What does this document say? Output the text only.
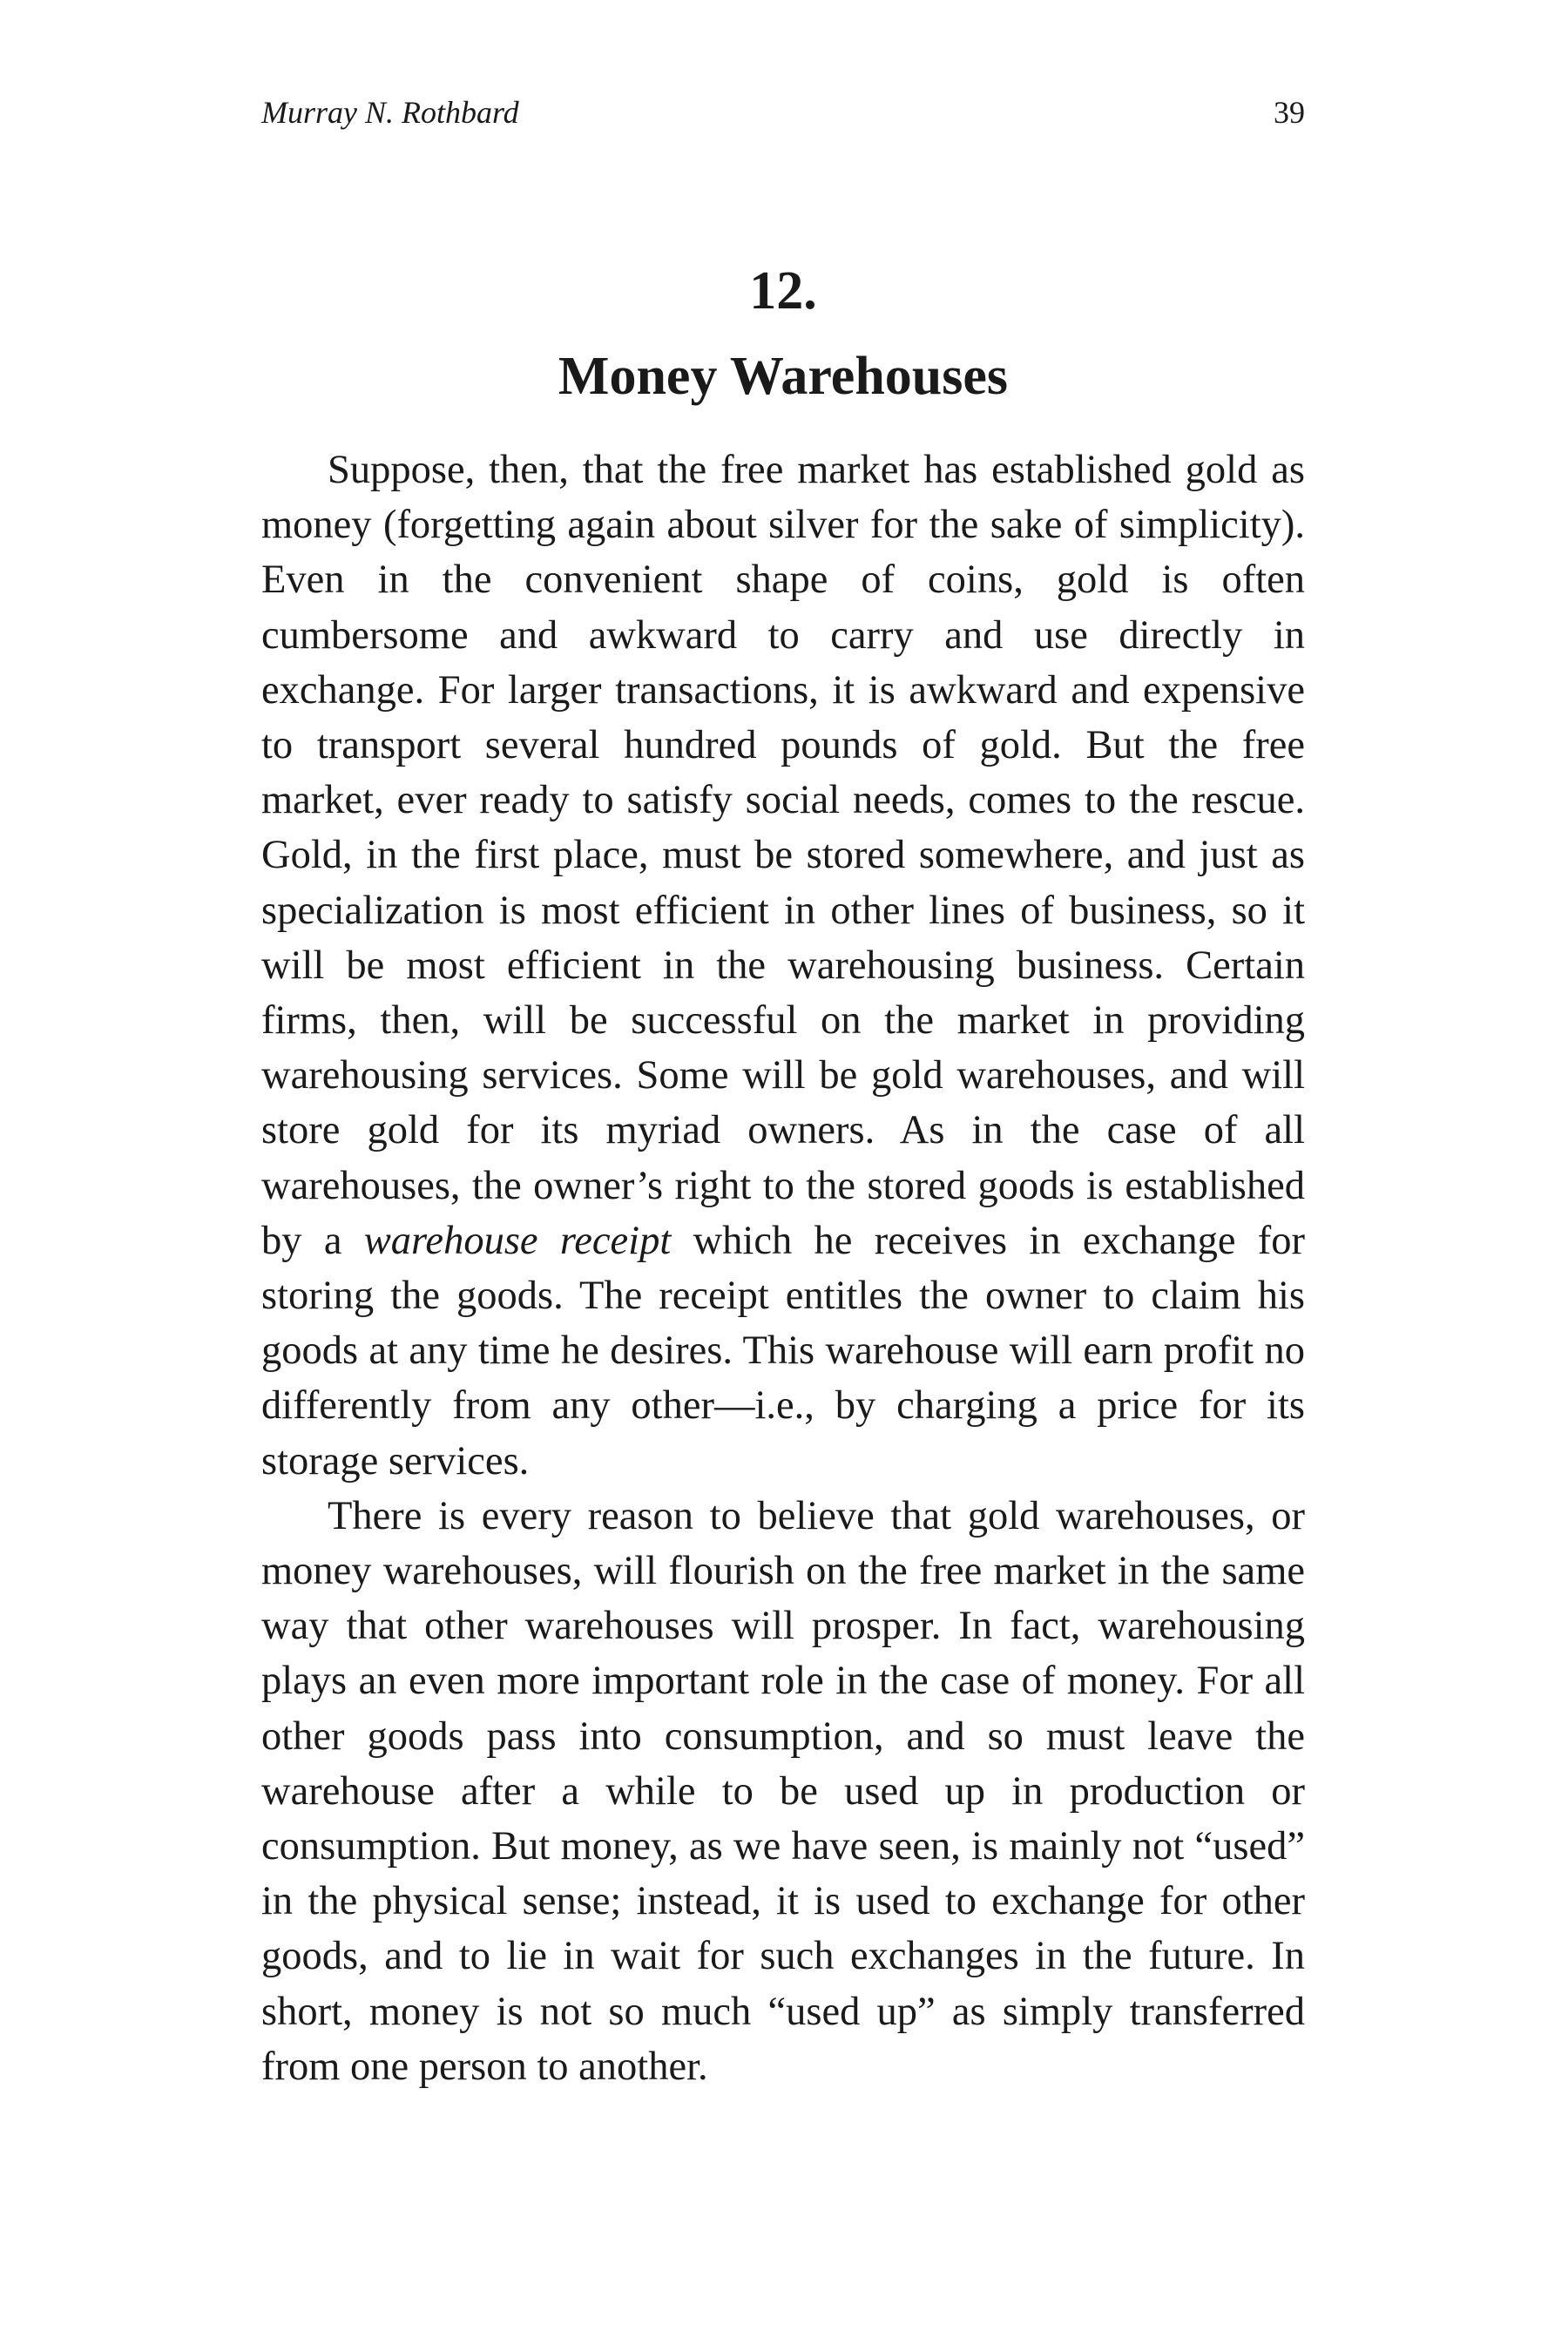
Murray N. Rothbard	39
12.
Money Warehouses

Suppose, then, that the free market has established gold as money (forgetting again about silver for the sake of simplicity). Even in the convenient shape of coins, gold is often cumbersome and awkward to carry and use directly in exchange. For larger transactions, it is awkward and expensive to transport several hundred pounds of gold. But the free market, ever ready to satisfy social needs, comes to the rescue. Gold, in the first place, must be stored somewhere, and just as specialization is most efficient in other lines of business, so it will be most efficient in the warehousing business. Certain firms, then, will be successful on the market in providing warehousing services. Some will be gold warehouses, and will store gold for its myriad owners. As in the case of all warehouses, the owner’s right to the stored goods is established by a warehouse receipt which he receives in exchange for storing the goods. The receipt entitles the owner to claim his goods at any time he desires. This warehouse will earn profit no differently from any other—i.e., by charging a price for its storage services.

There is every reason to believe that gold warehouses, or money warehouses, will flourish on the free market in the same way that other warehouses will prosper. In fact, warehousing plays an even more important role in the case of money. For all other goods pass into consumption, and so must leave the warehouse after a while to be used up in production or consumption. But money, as we have seen, is mainly not “used” in the physical sense; instead, it is used to exchange for other goods, and to lie in wait for such exchanges in the future. In short, money is not so much “used up” as simply transferred from one person to another.
